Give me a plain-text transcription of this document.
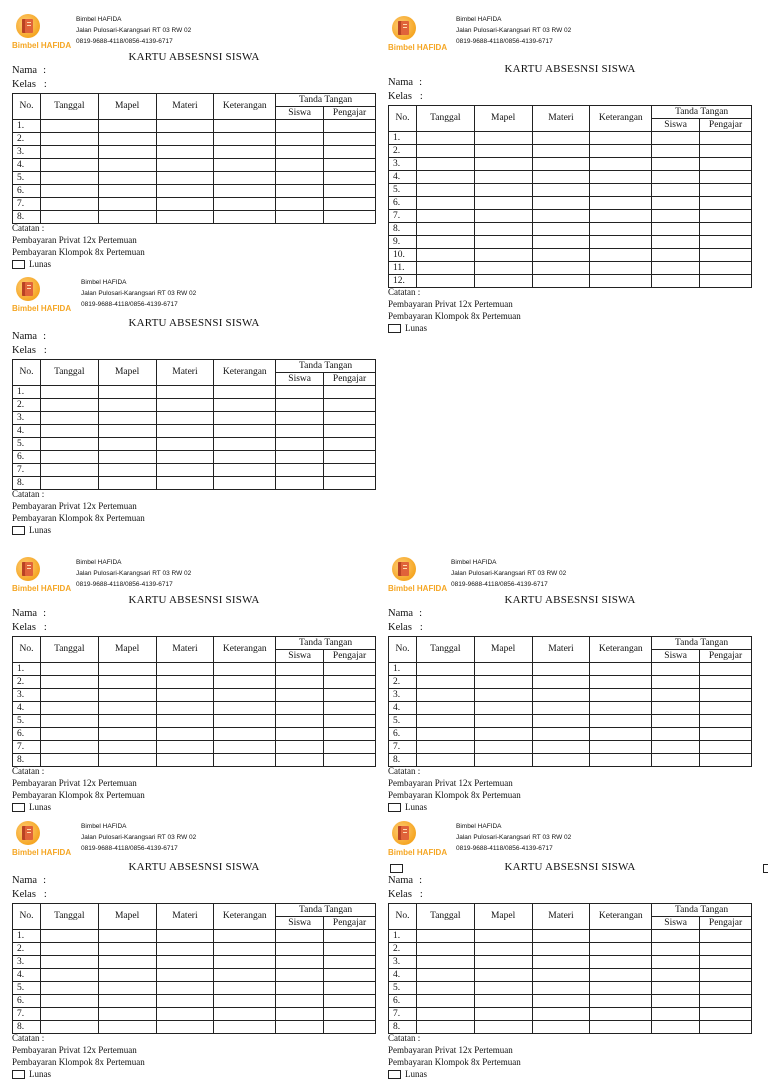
Bimbel HAFIDA
Bimbel HAFIDA
Jalan Pulosari-Karangsari RT 03 RW 02
0819-9688-4118/0856-4139-6717
KARTU ABSESNSI SISWA
Nama :
Kelas :
No.	Tanggal	Mapel	Materi	Keterangan	Tanda Tangan	
					Siswa	Pengajar
1.						
2.						
3.						
4.						
5.						
6.						
7.						
8.						
Catatan :
Pembayaran Privat 12x Pertemuan
Pembayaran Klompok 8x Pertemuan
Lunas
Bimbel HAFIDA
Bimbel HAFIDA
Jalan Pulosari-Karangsari RT 03 RW 02
0819-9688-4118/0856-4139-6717
KARTU ABSESNSI SISWA
Nama :
Kelas :
No.	Tanggal	Mapel	Materi	Keterangan	Tanda Tangan	
					Siswa	Pengajar
1.						
2.						
3.						
4.						
5.						
6.						
7.						
8.						
9.						
10.						
11.						
12.						
Catatan :
Pembayaran Privat 12x Pertemuan
Pembayaran Klompok 8x Pertemuan
Lunas
Bimbel HAFIDA
Bimbel HAFIDA
Jalan Pulosari-Karangsari RT 03 RW 02
0819-9688-4118/0856-4139-6717
KARTU ABSESNSI SISWA
Nama :
Kelas :
No.	Tanggal	Mapel	Materi	Keterangan	Tanda Tangan	
					Siswa	Pengajar
1.						
2.						
3.						
4.						
5.						
6.						
7.						
8.						
Catatan :
Pembayaran Privat 12x Pertemuan
Pembayaran Klompok 8x Pertemuan
Lunas
Bimbel HAFIDA
Bimbel HAFIDA
Jalan Pulosari-Karangsari RT 03 RW 02
0819-9688-4118/0856-4139-6717
KARTU ABSESNSI SISWA
Nama :
Kelas :
No.	Tanggal	Mapel	Materi	Keterangan	Tanda Tangan	
					Siswa	Pengajar
1.						
2.						
3.						
4.						
5.						
6.						
7.						
8.						
Catatan :
Pembayaran Privat 12x Pertemuan
Pembayaran Klompok 8x Pertemuan
Lunas
Bimbel HAFIDA
Bimbel HAFIDA
Jalan Pulosari-Karangsari RT 03 RW 02
0819-9688-4118/0856-4139-6717
KARTU ABSESNSI SISWA
Nama :
Kelas :
No.	Tanggal	Mapel	Materi	Keterangan	Tanda Tangan	
					Siswa	Pengajar
1.						
2.						
3.						
4.						
5.						
6.						
7.						
8.						
Catatan :
Pembayaran Privat 12x Pertemuan
Pembayaran Klompok 8x Pertemuan
Lunas
Bimbel HAFIDA
Bimbel HAFIDA
Jalan Pulosari-Karangsari RT 03 RW 02
0819-9688-4118/0856-4139-6717
KARTU ABSESNSI SISWA
Nama :
Kelas :
No.	Tanggal	Mapel	Materi	Keterangan	Tanda Tangan	
					Siswa	Pengajar
1.						
2.						
3.						
4.						
5.						
6.						
7.						
8.						
Catatan :
Pembayaran Privat 12x Pertemuan
Pembayaran Klompok 8x Pertemuan
Lunas
Bimbel HAFIDA
Bimbel HAFIDA
Jalan Pulosari-Karangsari RT 03 RW 02
0819-9688-4118/0856-4139-6717
KARTU ABSESNSI SISWA
Nama :
Kelas :
No.	Tanggal	Mapel	Materi	Keterangan	Tanda Tangan	
					Siswa	Pengajar
1.						
2.						
3.						
4.						
5.						
6.						
7.						
8.						
Catatan :
Pembayaran Privat 12x Pertemuan
Pembayaran Klompok 8x Pertemuan
Lunas
